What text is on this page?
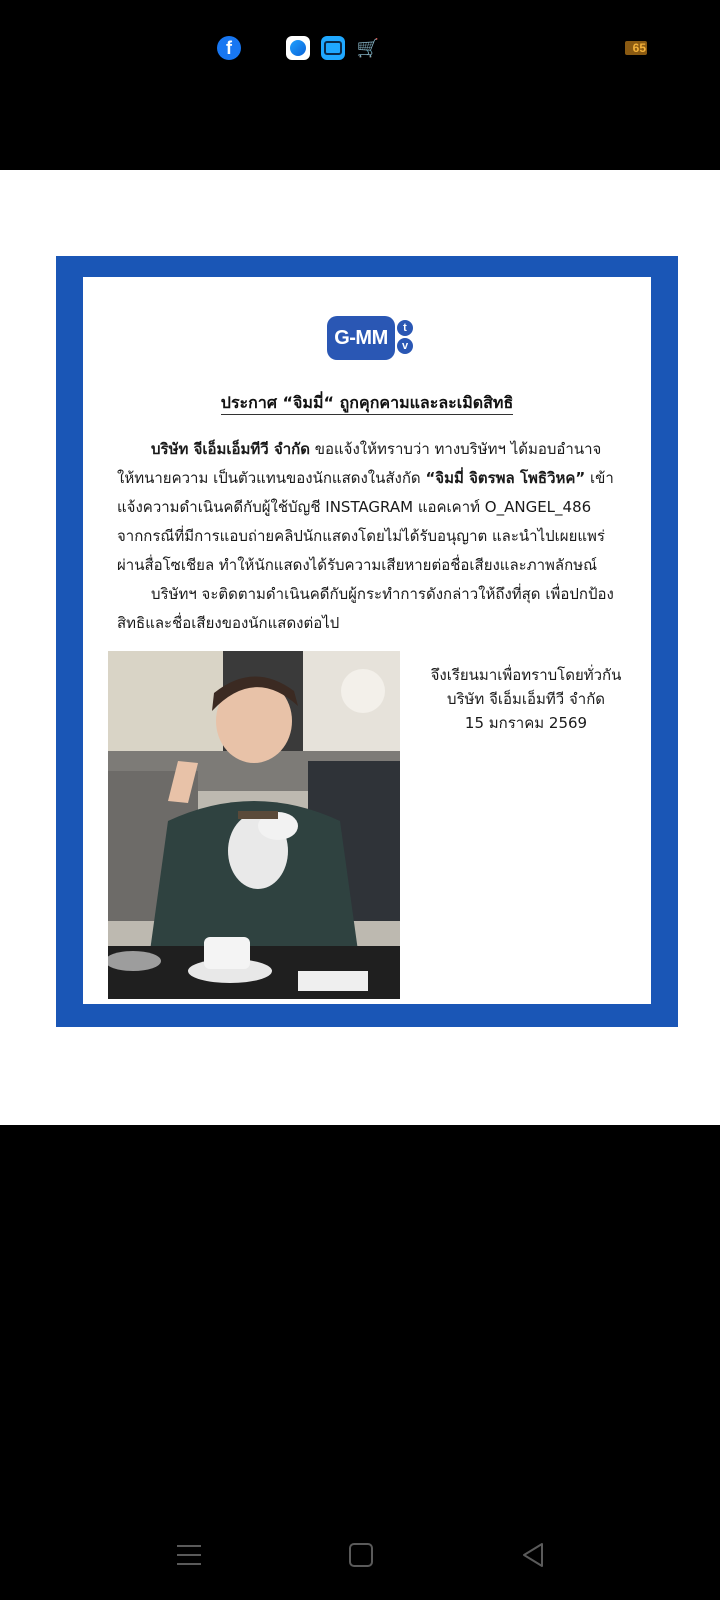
f	🛒	65
G-MM	t
v
ประกาศ “จิมมี่“ ถูกคุกคามและละเมิดสิทธิ

บริษัท จีเอ็มเอ็มทีวี จำกัด ขอแจ้งให้ทราบว่า ทางบริษัทฯ ได้มอบอำนาจให้ทนายความ เป็นตัวแทนของนักแสดงในสังกัด “จิมมี่ จิตรพล โพธิวิหค” เข้าแจ้งความดำเนินคดีกับผู้ใช้บัญชี INSTAGRAM แอคเคาท์ O_ANGEL_486 จากกรณีที่มีการแอบถ่ายคลิปนักแสดงโดยไม่ได้รับอนุญาต และนำไปเผยแพร่ผ่านสื่อโซเชียล ทำให้นักแสดงได้รับความเสียหายต่อชื่อเสียงและภาพลักษณ์

บริษัทฯ จะติดตามดำเนินคดีกับผู้กระทำการดังกล่าวให้ถึงที่สุด เพื่อปกป้องสิทธิและชื่อเสียงของนักแสดงต่อไป

จึงเรียนมาเพื่อทราบโดยทั่วกัน
บริษัท จีเอ็มเอ็มทีวี จำกัด
15 มกราคม 2569
